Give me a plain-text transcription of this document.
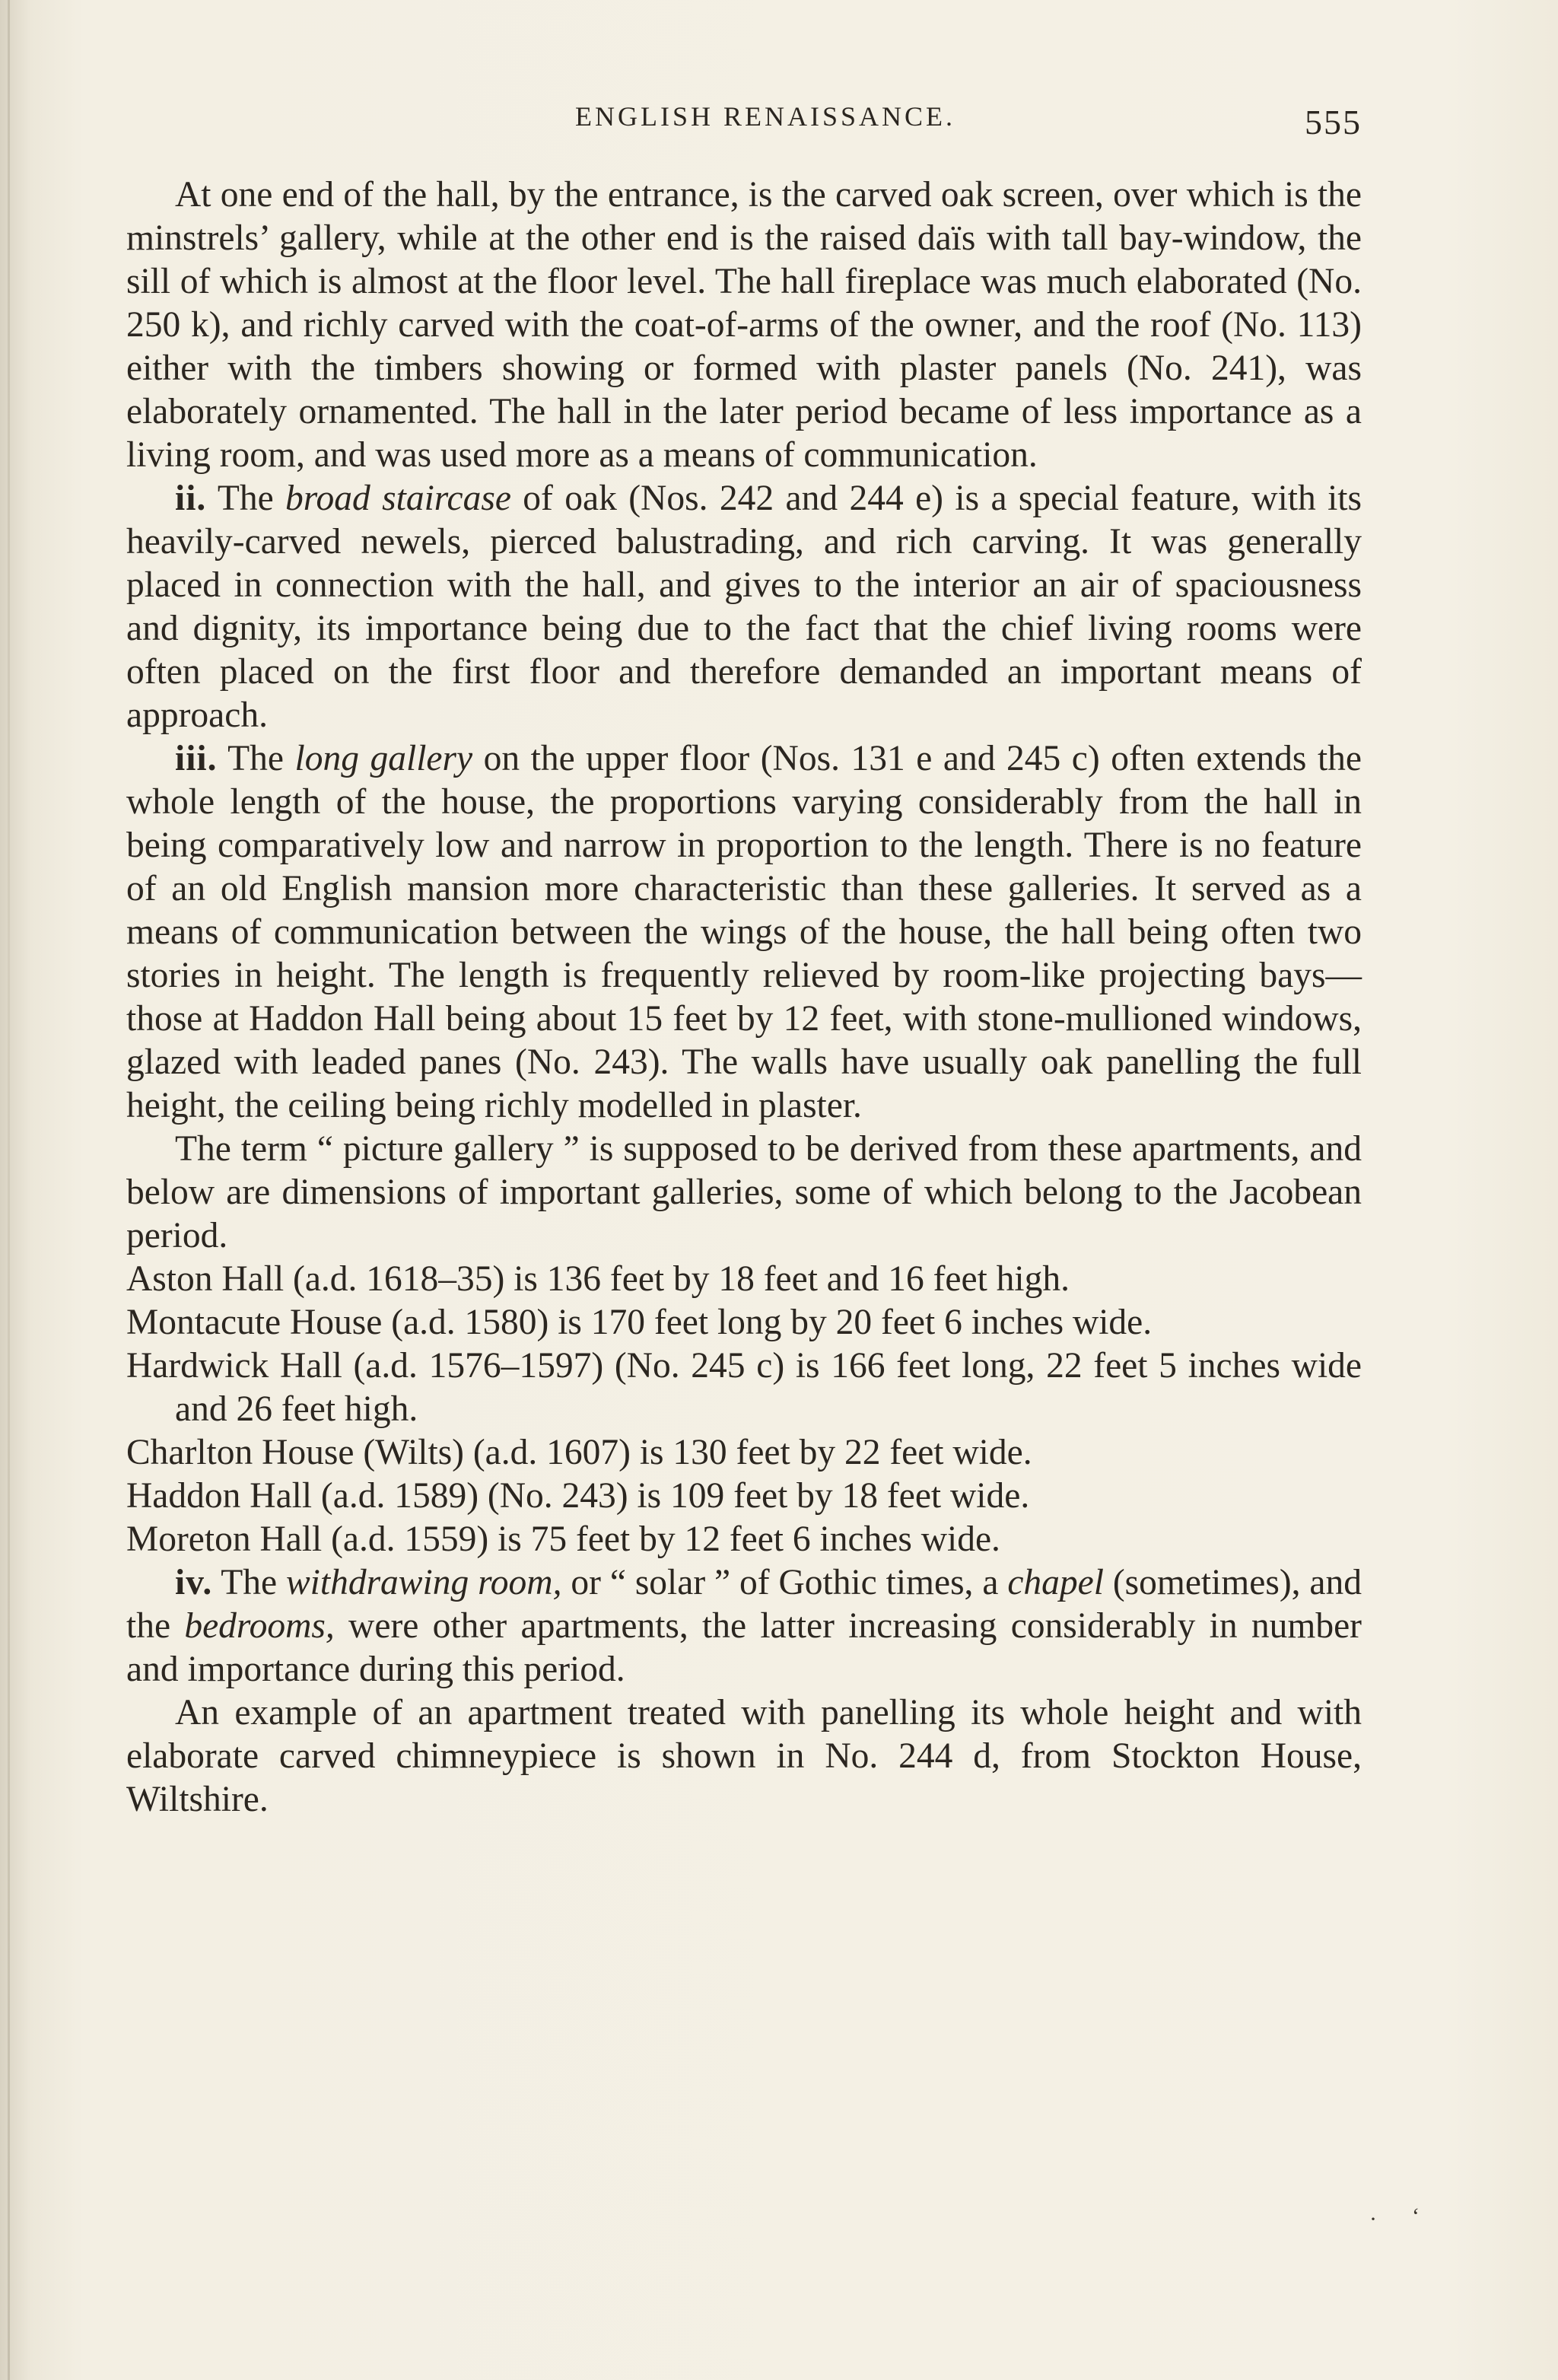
ENGLISH RENAISSANCE.	555

At one end of the hall, by the entrance, is the carved oak screen, over which is the minstrels’ gallery, while at the other end is the raised daïs with tall bay-window, the sill of which is almost at the floor level. The hall fireplace was much elaborated (No. 250 k), and richly carved with the coat-of-arms of the owner, and the roof (No. 113) either with the timbers showing or formed with plaster panels (No. 241), was elaborately ornamented. The hall in the later period became of less importance as a living room, and was used more as a means of communication.

ii. The broad staircase of oak (Nos. 242 and 244 e) is a special feature, with its heavily-carved newels, pierced balustrading, and rich carving. It was generally placed in connection with the hall, and gives to the interior an air of spaciousness and dignity, its importance being due to the fact that the chief living rooms were often placed on the first floor and therefore demanded an important means of approach.

iii. The long gallery on the upper floor (Nos. 131 e and 245 c) often extends the whole length of the house, the proportions varying considerably from the hall in being comparatively low and narrow in proportion to the length. There is no feature of an old English mansion more characteristic than these galleries. It served as a means of communication between the wings of the house, the hall being often two stories in height. The length is frequently relieved by room-like projecting bays—those at Haddon Hall being about 15 feet by 12 feet, with stone-mullioned windows, glazed with leaded panes (No. 243). The walls have usually oak panelling the full height, the ceiling being richly modelled in plaster.

The term “ picture gallery ” is supposed to be derived from these apartments, and below are dimensions of important galleries, some of which belong to the Jacobean period.

Aston Hall (a.d. 1618–35) is 136 feet by 18 feet and 16 feet high.

Montacute House (a.d. 1580) is 170 feet long by 20 feet 6 inches wide.

Hardwick Hall (a.d. 1576–1597) (No. 245 c) is 166 feet long, 22 feet 5 inches wide and 26 feet high.

Charlton House (Wilts) (a.d. 1607) is 130 feet by 22 feet wide.

Haddon Hall (a.d. 1589) (No. 243) is 109 feet by 18 feet wide.

Moreton Hall (a.d. 1559) is 75 feet by 12 feet 6 inches wide.

iv. The withdrawing room, or “ solar ” of Gothic times, a chapel (sometimes), and the bedrooms, were other apartments, the latter increasing considerably in number and importance during this period.

An example of an apartment treated with panelling its whole height and with elaborate carved chimneypiece is shown in No. 244 d, from Stockton House, Wiltshire.

· ʻ
